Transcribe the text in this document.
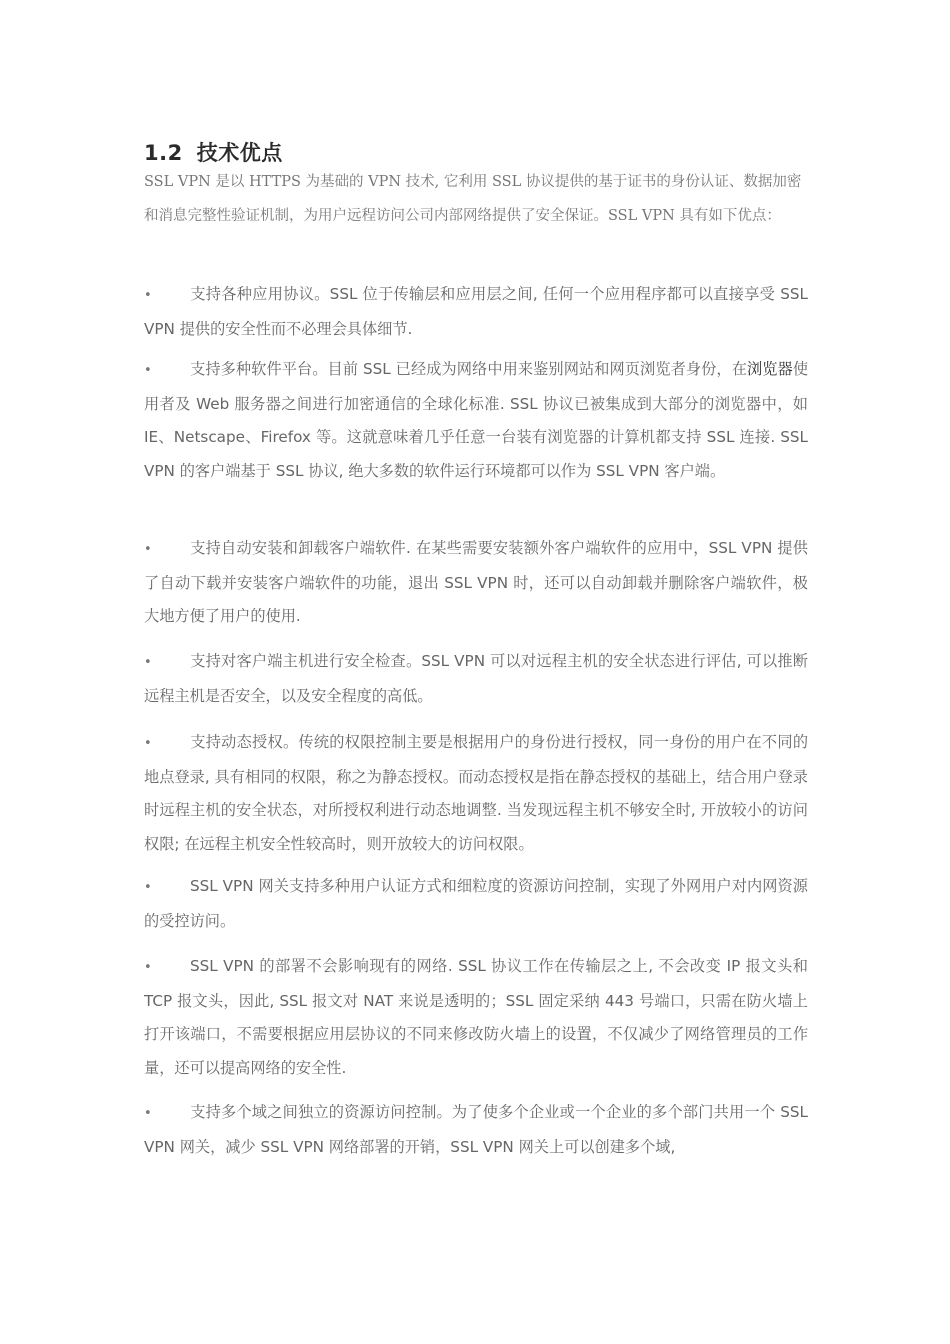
1.2 技术优点

SSL VPN 是以 HTTPS 为基础的 VPN 技术, 它利用 SSL 协议提供的基于证书的身份认证、数据加密和消息完整性验证机制，为用户远程访问公司内部网络提供了安全保证。SSL VPN 具有如下优点：

•	支持各种应用协议。SSL 位于传输层和应用层之间, 任何一个应用程序都可以直接享受 SSL VPN 提供的安全性而不必理会具体细节.
•	支持多种软件平台。目前 SSL 已经成为网络中用来鉴别网站和网页浏览者身份，在浏览器使用者及 Web 服务器之间进行加密通信的全球化标准. SSL 协议已被集成到大部分的浏览器中，如 IE、Netscape、Firefox 等。这就意味着几乎任意一台装有浏览器的计算机都支持 SSL 连接. SSL VPN 的客户端基于 SSL 协议, 绝大多数的软件运行环境都可以作为 SSL VPN 客户端。
•	支持自动安装和卸载客户端软件. 在某些需要安装额外客户端软件的应用中，SSL VPN 提供了自动下载并安装客户端软件的功能，退出 SSL VPN 时，还可以自动卸载并删除客户端软件，极大地方便了用户的使用.
•	支持对客户端主机进行安全检查。SSL VPN 可以对远程主机的安全状态进行评估, 可以推断远程主机是否安全，以及安全程度的高低。
•	支持动态授权。传统的权限控制主要是根据用户的身份进行授权，同一身份的用户在不同的地点登录, 具有相同的权限，称之为静态授权。而动态授权是指在静态授权的基础上，结合用户登录时远程主机的安全状态，对所授权利进行动态地调整. 当发现远程主机不够安全时, 开放较小的访问权限; 在远程主机安全性较高时，则开放较大的访问权限。
•	SSL VPN 网关支持多种用户认证方式和细粒度的资源访问控制，实现了外网用户对内网资源的受控访问。
•	SSL VPN 的部署不会影响现有的网络. SSL 协议工作在传输层之上, 不会改变 IP 报文头和 TCP 报文头，因此, SSL 报文对 NAT 来说是透明的；SSL 固定采纳 443 号端口，只需在防火墙上打开该端口，不需要根据应用层协议的不同来修改防火墙上的设置，不仅减少了网络管理员的工作量，还可以提高网络的安全性.
•	支持多个域之间独立的资源访问控制。为了使多个企业或一个企业的多个部门共用一个 SSL VPN 网关，减少 SSL VPN 网络部署的开销，SSL VPN 网关上可以创建多个域,
